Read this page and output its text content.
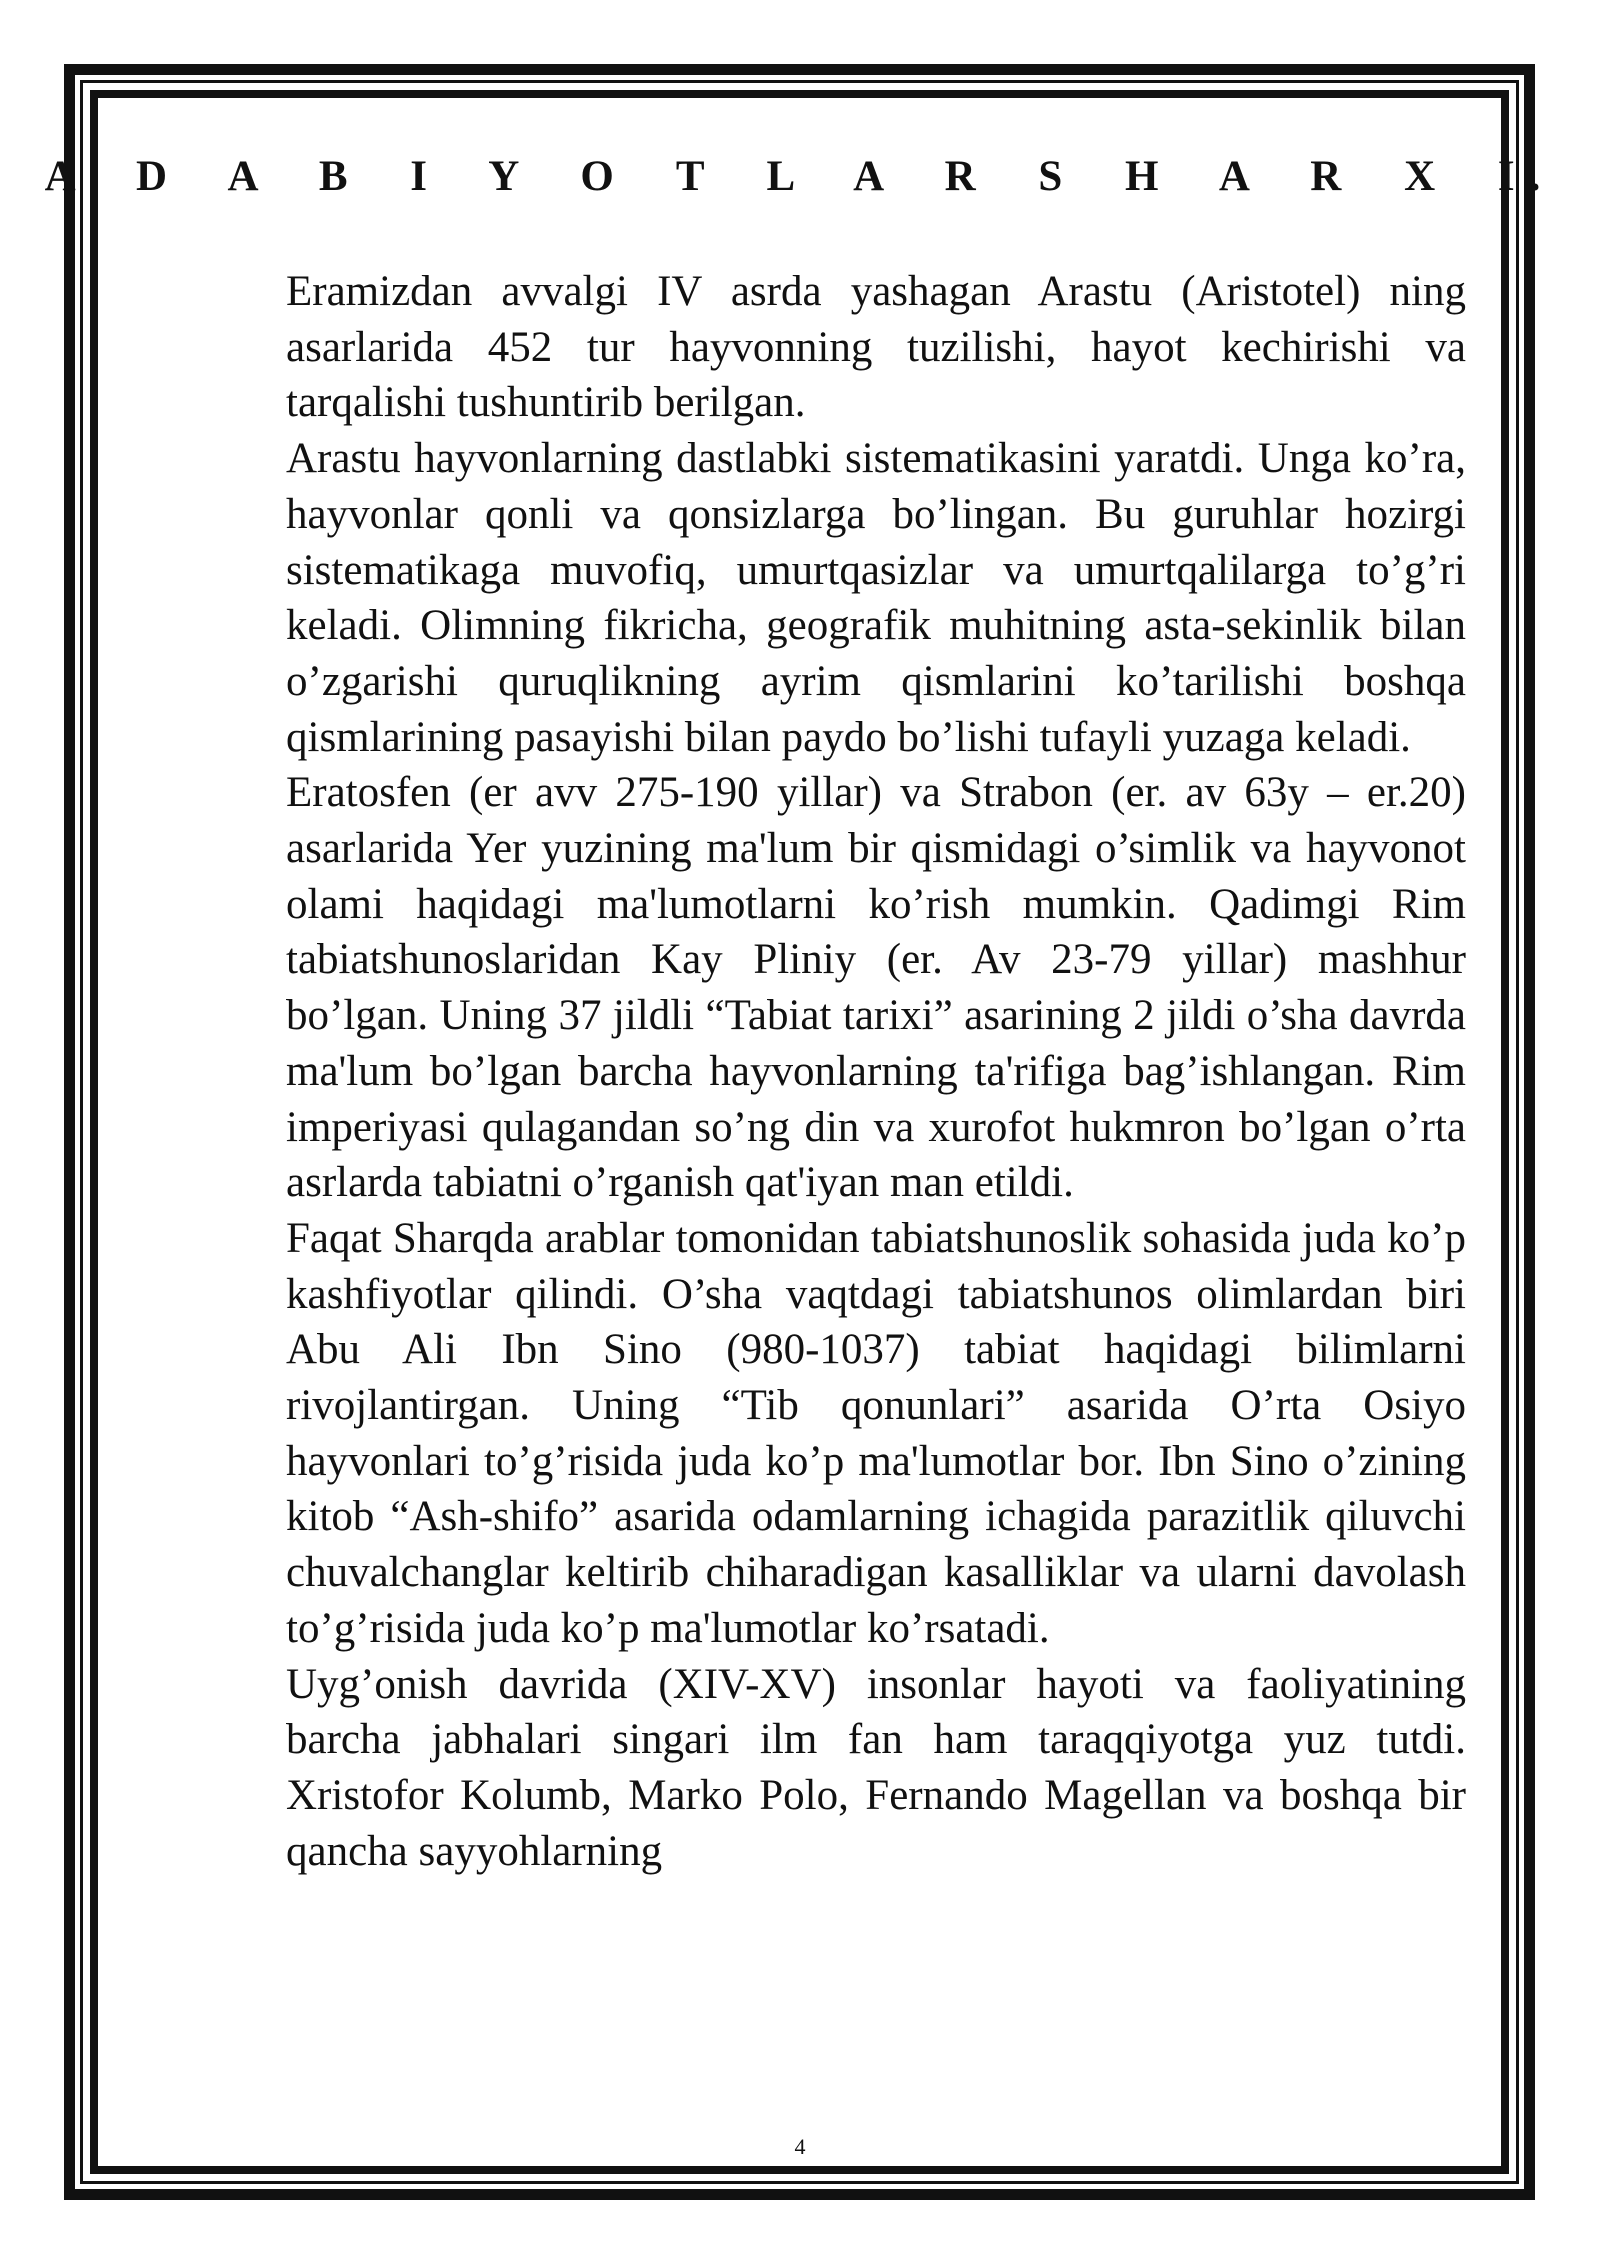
A D A B I Y O T L A R S H A R X I.

Eramizdan avvalgi IV asrda yashagan Arastu (Aristotel) ning asarlarida 452 tur hayvonning tuzilishi, hayot kechirishi va tarqalishi tushuntirib berilgan.

Arastu hayvonlarning dastlabki sistematikasini yaratdi. Unga ko’ra, hayvonlar qonli va qonsizlarga bo’lingan. Bu guruhlar hozirgi sistematikaga muvofiq, umurtqasizlar va umurtqalilarga to’g’ri keladi. Olimning fikricha, geografik muhitning asta-sekinlik bilan o’zgarishi quruqlikning ayrim qismlarini ko’tarilishi boshqa qismlarining pasayishi bilan paydo bo’lishi tufayli yuzaga keladi.

Eratosfen (er avv 275-190 yillar) va Strabon (er. av 63y – er.20) asarlarida Yer yuzining ma'lum bir qismidagi o’simlik va hayvonot olami haqidagi ma'lumotlarni ko’rish mumkin. Qadimgi Rim tabiatshunoslaridan Kay Pliniy (er. Av 23-79 yillar) mashhur bo’lgan. Uning 37 jildli “Tabiat tarixi” asarining 2 jildi o’sha davrda ma'lum bo’lgan barcha hayvonlarning ta'rifiga bag’ishlangan. Rim imperiyasi qulagandan so’ng din va xurofot hukmron bo’lgan o’rta asrlarda tabiatni o’rganish qat'iyan man etildi.

Faqat Sharqda arablar tomonidan tabiatshunoslik sohasida juda ko’p kashfiyotlar qilindi. O’sha vaqtdagi tabiatshunos olimlardan biri Abu Ali Ibn Sino (980-1037) tabiat haqidagi bilimlarni rivojlantirgan. Uning “Tib qonunlari” asarida O’rta Osiyo hayvonlari to’g’risida juda ko’p ma'lumotlar bor. Ibn Sino o’zining kitob “Ash-shifo” asarida odamlarning ichagida parazitlik qiluvchi chuvalchanglar keltirib chiharadigan kasalliklar va ularni davolash to’g’risida juda ko’p ma'lumotlar ko’rsatadi.

Uyg’onish davrida (XIV-XV) insonlar hayoti va faoliyatining barcha jabhalari singari ilm fan ham taraqqiyotga yuz tutdi. Xristofor Kolumb, Marko Polo, Fernando Magellan va boshqa bir qancha sayyohlarning

4
